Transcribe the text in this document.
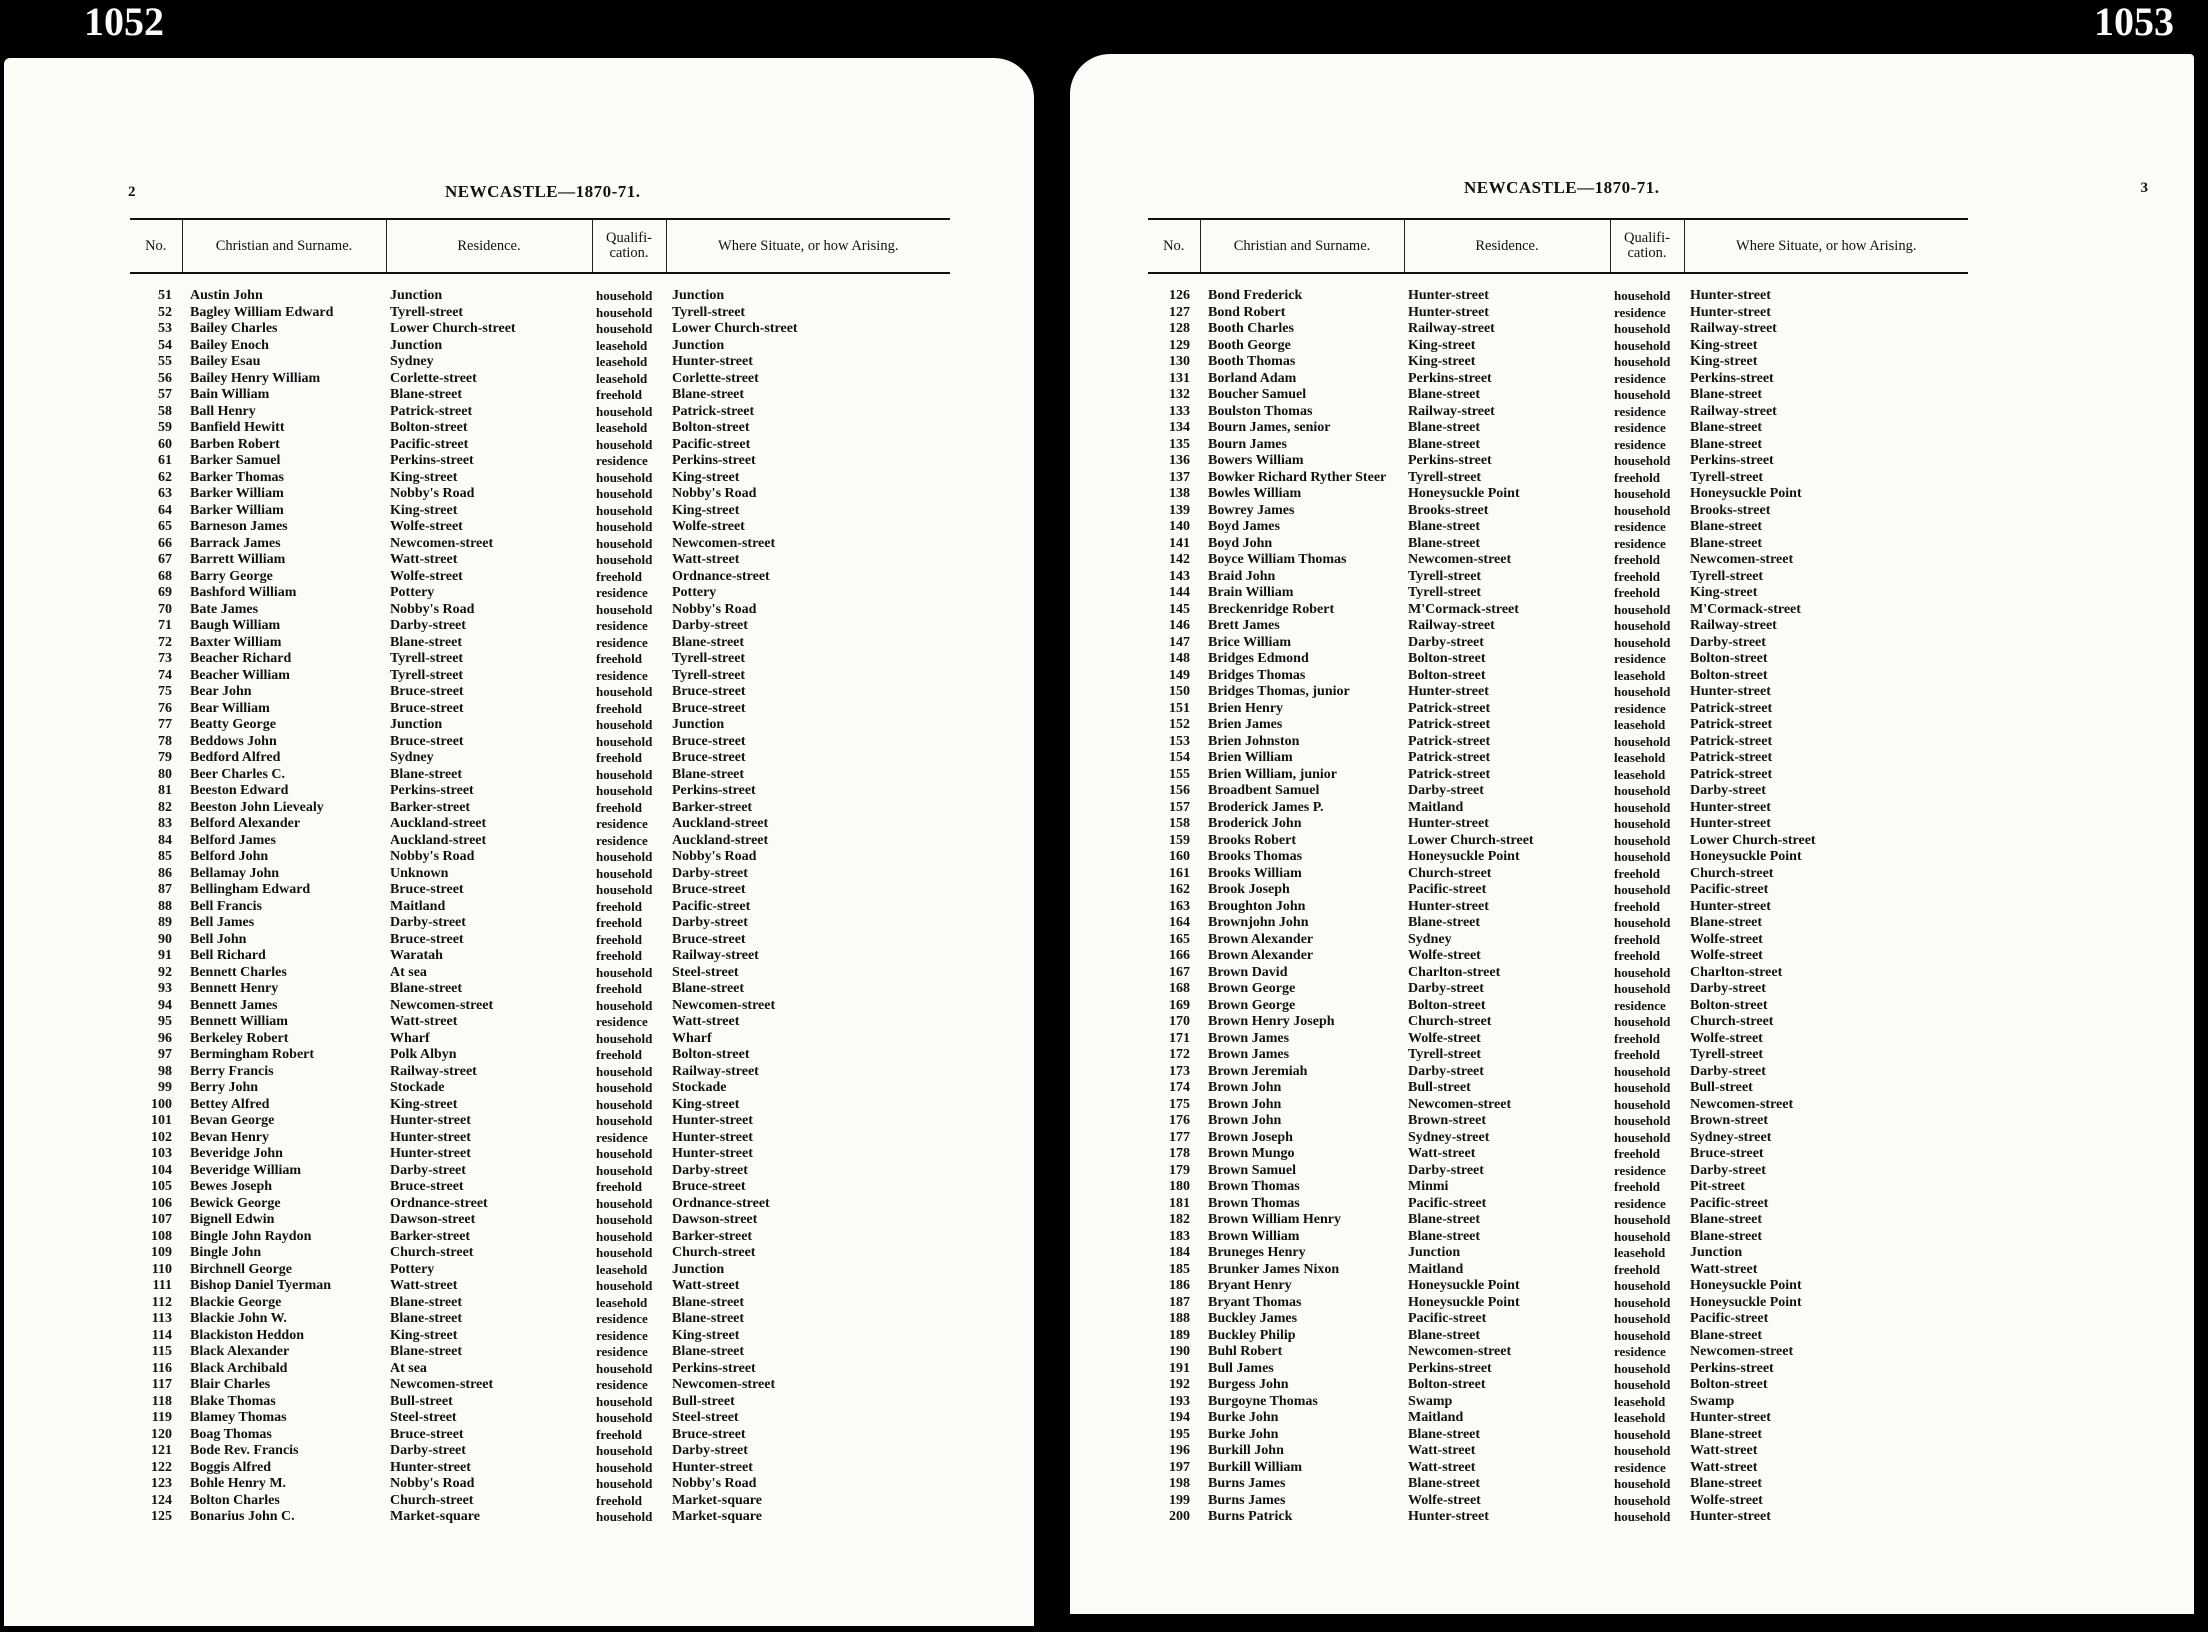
NEWCASTLE—1870-71.
2
No.	Christian and Surname.	Residence.	Qualifi-cation.	Where Situate, or how Arising.
51	Austin John	Junction	household	Junction
52	Bagley William Edward	Tyrell-street	household	Tyrell-street
53	Bailey Charles	Lower Church-street	household	Lower Church-street
54	Bailey Enoch	Junction	leasehold	Junction
55	Bailey Esau	Sydney	leasehold	Hunter-street
56	Bailey Henry William	Corlette-street	leasehold	Corlette-street
57	Bain William	Blane-street	freehold	Blane-street
58	Ball Henry	Patrick-street	household	Patrick-street
59	Banfield Hewitt	Bolton-street	leasehold	Bolton-street
60	Barben Robert	Pacific-street	household	Pacific-street
61	Barker Samuel	Perkins-street	residence	Perkins-street
62	Barker Thomas	King-street	household	King-street
63	Barker William	Nobby's Road	household	Nobby's Road
64	Barker William	King-street	household	King-street
65	Barneson James	Wolfe-street	household	Wolfe-street
66	Barrack James	Newcomen-street	household	Newcomen-street
67	Barrett William	Watt-street	household	Watt-street
68	Barry George	Wolfe-street	freehold	Ordnance-street
69	Bashford William	Pottery	residence	Pottery
70	Bate James	Nobby's Road	household	Nobby's Road
71	Baugh William	Darby-street	residence	Darby-street
72	Baxter William	Blane-street	residence	Blane-street
73	Beacher Richard	Tyrell-street	freehold	Tyrell-street
74	Beacher William	Tyrell-street	residence	Tyrell-street
75	Bear John	Bruce-street	household	Bruce-street
76	Bear William	Bruce-street	freehold	Bruce-street
77	Beatty George	Junction	household	Junction
78	Beddows John	Bruce-street	household	Bruce-street
79	Bedford Alfred	Sydney	freehold	Bruce-street
80	Beer Charles C.	Blane-street	household	Blane-street
81	Beeston Edward	Perkins-street	household	Perkins-street
82	Beeston John Lievealy	Barker-street	freehold	Barker-street
83	Belford Alexander	Auckland-street	residence	Auckland-street
84	Belford James	Auckland-street	residence	Auckland-street
85	Belford John	Nobby's Road	household	Nobby's Road
86	Bellamay John	Unknown	household	Darby-street
87	Bellingham Edward	Bruce-street	household	Bruce-street
88	Bell Francis	Maitland	freehold	Pacific-street
89	Bell James	Darby-street	freehold	Darby-street
90	Bell John	Bruce-street	freehold	Bruce-street
91	Bell Richard	Waratah	freehold	Railway-street
92	Bennett Charles	At sea	household	Steel-street
93	Bennett Henry	Blane-street	freehold	Blane-street
94	Bennett James	Newcomen-street	household	Newcomen-street
95	Bennett William	Watt-street	residence	Watt-street
96	Berkeley Robert	Wharf	household	Wharf
97	Bermingham Robert	Polk Albyn	freehold	Bolton-street
98	Berry Francis	Railway-street	household	Railway-street
99	Berry John	Stockade	household	Stockade
100	Bettey Alfred	King-street	household	King-street
101	Bevan George	Hunter-street	household	Hunter-street
102	Bevan Henry	Hunter-street	residence	Hunter-street
103	Beveridge John	Hunter-street	household	Hunter-street
104	Beveridge William	Darby-street	household	Darby-street
105	Bewes Joseph	Bruce-street	freehold	Bruce-street
106	Bewick George	Ordnance-street	household	Ordnance-street
107	Bignell Edwin	Dawson-street	household	Dawson-street
108	Bingle John Raydon	Barker-street	household	Barker-street
109	Bingle John	Church-street	household	Church-street
110	Birchnell George	Pottery	leasehold	Junction
111	Bishop Daniel Tyerman	Watt-street	household	Watt-street
112	Blackie George	Blane-street	leasehold	Blane-street
113	Blackie John W.	Blane-street	residence	Blane-street
114	Blackiston Heddon	King-street	residence	King-street
115	Black Alexander	Blane-street	residence	Blane-street
116	Black Archibald	At sea	household	Perkins-street
117	Blair Charles	Newcomen-street	residence	Newcomen-street
118	Blake Thomas	Bull-street	household	Bull-street
119	Blamey Thomas	Steel-street	household	Steel-street
120	Boag Thomas	Bruce-street	freehold	Bruce-street
121	Bode Rev. Francis	Darby-street	household	Darby-street
122	Boggis Alfred	Hunter-street	household	Hunter-street
123	Bohle Henry M.	Nobby's Road	household	Nobby's Road
124	Bolton Charles	Church-street	freehold	Market-square
125	Bonarius John C.	Market-square	household	Market-square
1052
NEWCASTLE—1870-71.	3
No.	Christian and Surname.	Residence.	Qualifi-cation.	Where Situate, or how Arising.
126	Bond Frederick	Hunter-street	household	Hunter-street
127	Bond Robert	Hunter-street	residence	Hunter-street
128	Booth Charles	Railway-street	household	Railway-street
129	Booth George	King-street	household	King-street
130	Booth Thomas	King-street	household	King-street
131	Borland Adam	Perkins-street	residence	Perkins-street
132	Boucher Samuel	Blane-street	household	Blane-street
133	Boulston Thomas	Railway-street	residence	Railway-street
134	Bourn James, senior	Blane-street	residence	Blane-street
135	Bourn James	Blane-street	residence	Blane-street
136	Bowers William	Perkins-street	household	Perkins-street
137	Bowker Richard Ryther Steer	Tyrell-street	freehold	Tyrell-street
138	Bowles William	Honeysuckle Point	household	Honeysuckle Point
139	Bowrey James	Brooks-street	household	Brooks-street
140	Boyd James	Blane-street	residence	Blane-street
141	Boyd John	Blane-street	residence	Blane-street
142	Boyce William Thomas	Newcomen-street	freehold	Newcomen-street
143	Braid John	Tyrell-street	freehold	Tyrell-street
144	Brain William	Tyrell-street	freehold	King-street
145	Breckenridge Robert	M'Cormack-street	household	M'Cormack-street
146	Brett James	Railway-street	household	Railway-street
147	Brice William	Darby-street	household	Darby-street
148	Bridges Edmond	Bolton-street	residence	Bolton-street
149	Bridges Thomas	Bolton-street	leasehold	Bolton-street
150	Bridges Thomas, junior	Hunter-street	household	Hunter-street
151	Brien Henry	Patrick-street	residence	Patrick-street
152	Brien James	Patrick-street	leasehold	Patrick-street
153	Brien Johnston	Patrick-street	household	Patrick-street
154	Brien William	Patrick-street	leasehold	Patrick-street
155	Brien William, junior	Patrick-street	leasehold	Patrick-street
156	Broadbent Samuel	Darby-street	household	Darby-street
157	Broderick James P.	Maitland	household	Hunter-street
158	Broderick John	Hunter-street	household	Hunter-street
159	Brooks Robert	Lower Church-street	household	Lower Church-street
160	Brooks Thomas	Honeysuckle Point	household	Honeysuckle Point
161	Brooks William	Church-street	freehold	Church-street
162	Brook Joseph	Pacific-street	household	Pacific-street
163	Broughton John	Hunter-street	freehold	Hunter-street
164	Brownjohn John	Blane-street	household	Blane-street
165	Brown Alexander	Sydney	freehold	Wolfe-street
166	Brown Alexander	Wolfe-street	freehold	Wolfe-street
167	Brown David	Charlton-street	household	Charlton-street
168	Brown George	Darby-street	household	Darby-street
169	Brown George	Bolton-street	residence	Bolton-street
170	Brown Henry Joseph	Church-street	household	Church-street
171	Brown James	Wolfe-street	freehold	Wolfe-street
172	Brown James	Tyrell-street	freehold	Tyrell-street
173	Brown Jeremiah	Darby-street	household	Darby-street
174	Brown John	Bull-street	household	Bull-street
175	Brown John	Newcomen-street	household	Newcomen-street
176	Brown John	Brown-street	household	Brown-street
177	Brown Joseph	Sydney-street	household	Sydney-street
178	Brown Mungo	Watt-street	freehold	Bruce-street
179	Brown Samuel	Darby-street	residence	Darby-street
180	Brown Thomas	Minmi	freehold	Pit-street
181	Brown Thomas	Pacific-street	residence	Pacific-street
182	Brown William Henry	Blane-street	household	Blane-street
183	Brown William	Blane-street	household	Blane-street
184	Bruneges Henry	Junction	leasehold	Junction
185	Brunker James Nixon	Maitland	freehold	Watt-street
186	Bryant Henry	Honeysuckle Point	household	Honeysuckle Point
187	Bryant Thomas	Honeysuckle Point	household	Honeysuckle Point
188	Buckley James	Pacific-street	household	Pacific-street
189	Buckley Philip	Blane-street	household	Blane-street
190	Buhl Robert	Newcomen-street	residence	Newcomen-street
191	Bull James	Perkins-street	household	Perkins-street
192	Burgess John	Bolton-street	household	Bolton-street
193	Burgoyne Thomas	Swamp	leasehold	Swamp
194	Burke John	Maitland	leasehold	Hunter-street
195	Burke John	Blane-street	household	Blane-street
196	Burkill John	Watt-street	household	Watt-street
197	Burkill William	Watt-street	residence	Watt-street
198	Burns James	Blane-street	household	Blane-street
199	Burns James	Wolfe-street	household	Wolfe-street
200	Burns Patrick	Hunter-street	household	Hunter-street
1053
